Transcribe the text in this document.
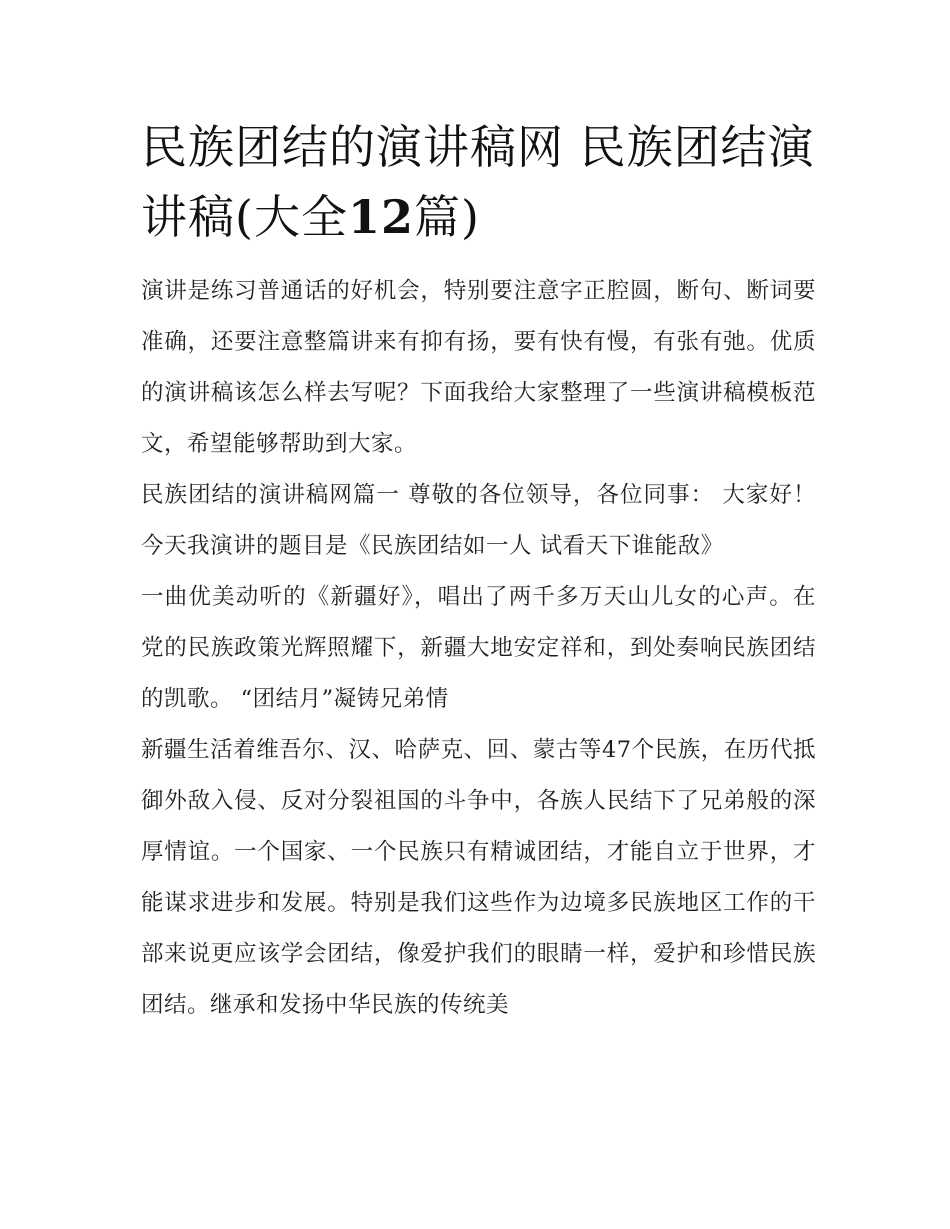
民族团结的演讲稿网 民族团结演讲稿(大全12篇)

演讲是练习普通话的好机会，特别要注意字正腔圆，断句、断词要准确，还要注意整篇讲来有抑有扬，要有快有慢，有张有弛。优质的演讲稿该怎么样去写呢？下面我给大家整理了一些演讲稿模板范文，希望能够帮助到大家。

民族团结的演讲稿网篇一 尊敬的各位领导，各位同事： 大家好！ 今天我演讲的题目是《民族团结如一人 试看天下谁能敌》

一曲优美动听的《新疆好》，唱出了两千多万天山儿女的心声。在党的民族政策光辉照耀下，新疆大地安定祥和，到处奏响民族团结的凯歌。 “团结月”凝铸兄弟情

新疆生活着维吾尔、汉、哈萨克、回、蒙古等47个民族，在历代抵御外敌入侵、反对分裂祖国的斗争中，各族人民结下了兄弟般的深厚情谊。一个国家、一个民族只有精诚团结，才能自立于世界，才能谋求进步和发展。特别是我们这些作为边境多民族地区工作的干部来说更应该学会团结，像爱护我们的眼睛一样，爱护和珍惜民族团结。继承和发扬中华民族的传统美
